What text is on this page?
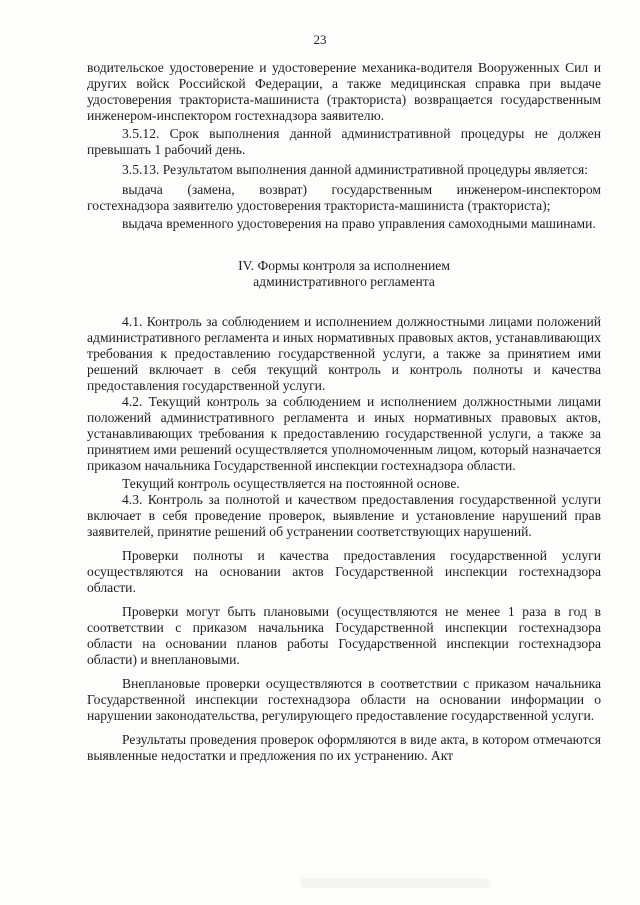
23

водительское удостоверение и удостоверение механика-водителя Вооруженных Сил и других войск Российской Федерации, а также медицинская справка при выдаче удостоверения тракториста-машиниста (тракториста) возвращается государственным инженером-инспектором гостехнадзора заявителю.

3.5.12. Срок выполнения данной административной процедуры не должен превышать 1 рабочий день.

3.5.13. Результатом выполнения данной административной процедуры является:

выдача (замена, возврат) государственным инженером-инспектором гостехнадзора заявителю удостоверения тракториста-машиниста (тракториста);

выдача временного удостоверения на право управления самоходными машинами.

IV. Формы контроля за исполнением
административного регламента

4.1. Контроль за соблюдением и исполнением должностными лицами положений административного регламента и иных нормативных правовых актов, устанавливающих требования к предоставлению государственной услуги, а также за принятием ими решений включает в себя текущий контроль и контроль полноты и качества предоставления государственной услуги.

4.2. Текущий контроль за соблюдением и исполнением должностными лицами положений административного регламента и иных нормативных правовых актов, устанавливающих требования к предоставлению государственной услуги, а также за принятием ими решений осуществляется уполномоченным лицом, который назначается приказом начальника Государственной инспекции гостехнадзора области.

Текущий контроль осуществляется на постоянной основе.

4.3. Контроль за полнотой и качеством предоставления государственной услуги включает в себя проведение проверок, выявление и установление нарушений прав заявителей, принятие решений об устранении соответствующих нарушений.

Проверки полноты и качества предоставления государственной услуги осуществляются на основании актов Государственной инспекции гостехнадзора области.

Проверки могут быть плановыми (осуществляются не менее 1 раза в год в соответствии с приказом начальника Государственной инспекции гостехнадзора области на основании планов работы Государственной инспекции гостехнадзора области) и внеплановыми.

Внеплановые проверки осуществляются в соответствии с приказом начальника Государственной инспекции гостехнадзора области на основании информации о нарушении законодательства, регулирующего предоставление государственной услуги.

Результаты проведения проверок оформляются в виде акта, в котором отмечаются выявленные недостатки и предложения по их устранению. Акт
